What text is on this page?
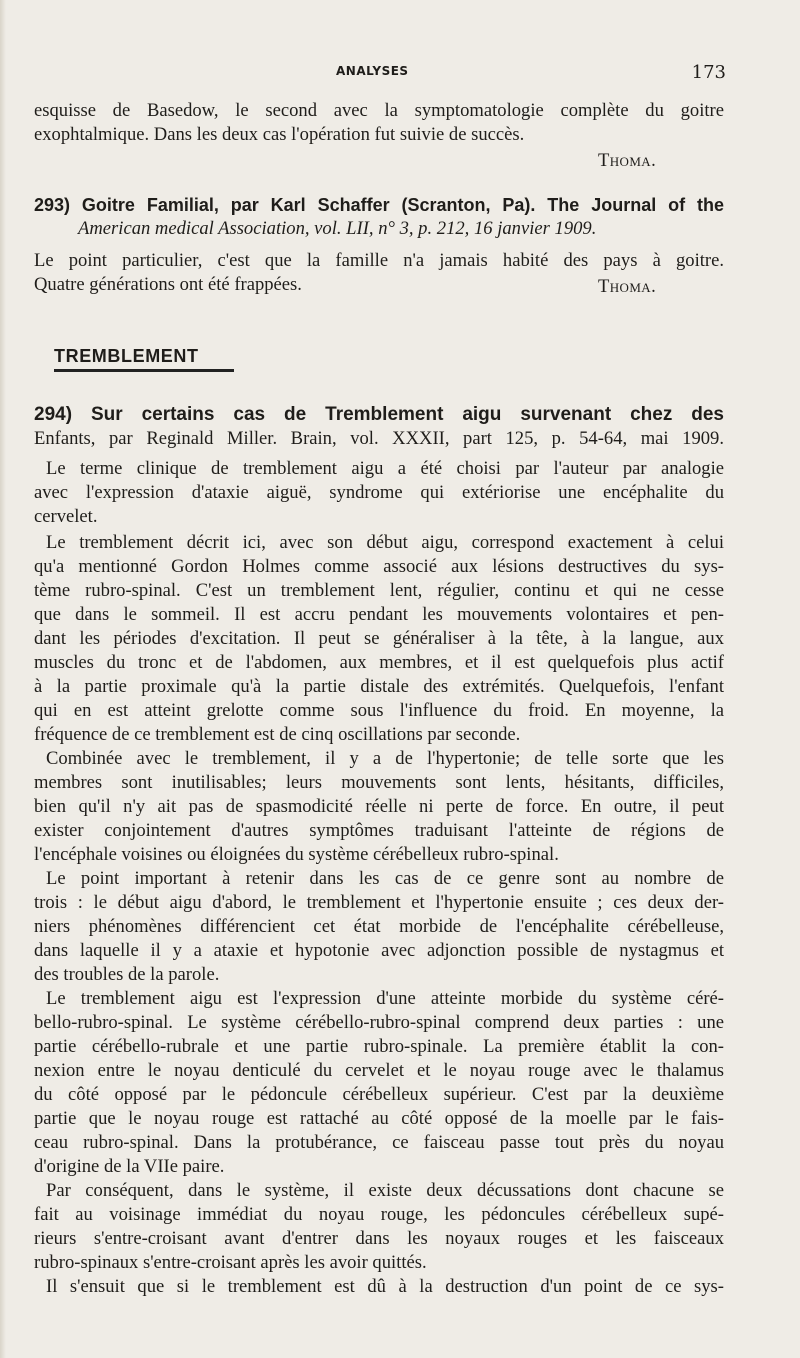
ANALYSES	173
esquisse de Basedow, le second avec la symptomatologie complète du goitre
exophtalmique. Dans les deux cas l'opération fut suivie de succès.
Thoma.
293) Goitre Familial, par Karl Schaffer (Scranton, Pa). The Journal of the
American medical Association, vol. LII, n° 3, p. 212, 16 janvier 1909.
Le point particulier, c'est que la famille n'a jamais habité des pays à goitre.
Quatre générations ont été frappées.	Thoma.
TREMBLEMENT
294) Sur certains cas de Tremblement aigu survenant chez des
Enfants, par Reginald Miller. Brain, vol. XXXII, part 125, p. 54-64, mai 1909.
Le terme clinique de tremblement aigu a été choisi par l'auteur par analogie
avec l'expression d'ataxie aiguë, syndrome qui extériorise une encéphalite du
cervelet.
Le tremblement décrit ici, avec son début aigu, correspond exactement à celui
qu'a mentionné Gordon Holmes comme associé aux lésions destructives du sys-
tème rubro-spinal. C'est un tremblement lent, régulier, continu et qui ne cesse
que dans le sommeil. Il est accru pendant les mouvements volontaires et pen-
dant les périodes d'excitation. Il peut se généraliser à la tête, à la langue, aux
muscles du tronc et de l'abdomen, aux membres, et il est quelquefois plus actif
à la partie proximale qu'à la partie distale des extrémités. Quelquefois, l'enfant
qui en est atteint grelotte comme sous l'influence du froid. En moyenne, la
fréquence de ce tremblement est de cinq oscillations par seconde.
Combinée avec le tremblement, il y a de l'hypertonie; de telle sorte que les
membres sont inutilisables; leurs mouvements sont lents, hésitants, difficiles,
bien qu'il n'y ait pas de spasmodicité réelle ni perte de force. En outre, il peut
exister conjointement d'autres symptômes traduisant l'atteinte de régions de
l'encéphale voisines ou éloignées du système cérébelleux rubro-spinal.
Le point important à retenir dans les cas de ce genre sont au nombre de
trois : le début aigu d'abord, le tremblement et l'hypertonie ensuite ; ces deux der-
niers phénomènes différencient cet état morbide de l'encéphalite cérébelleuse,
dans laquelle il y a ataxie et hypotonie avec adjonction possible de nystagmus et
des troubles de la parole.
Le tremblement aigu est l'expression d'une atteinte morbide du système céré-
bello-rubro-spinal. Le système cérébello-rubro-spinal comprend deux parties : une
partie cérébello-rubrale et une partie rubro-spinale. La première établit la con-
nexion entre le noyau denticulé du cervelet et le noyau rouge avec le thalamus
du côté opposé par le pédoncule cérébelleux supérieur. C'est par la deuxième
partie que le noyau rouge est rattaché au côté opposé de la moelle par le fais-
ceau rubro-spinal. Dans la protubérance, ce faisceau passe tout près du noyau
d'origine de la VIIe paire.
Par conséquent, dans le système, il existe deux décussations dont chacune se
fait au voisinage immédiat du noyau rouge, les pédoncules cérébelleux supé-
rieurs s'entre-croisant avant d'entrer dans les noyaux rouges et les faisceaux
rubro-spinaux s'entre-croisant après les avoir quittés.
Il s'ensuit que si le tremblement est dû à la destruction d'un point de ce sys-
